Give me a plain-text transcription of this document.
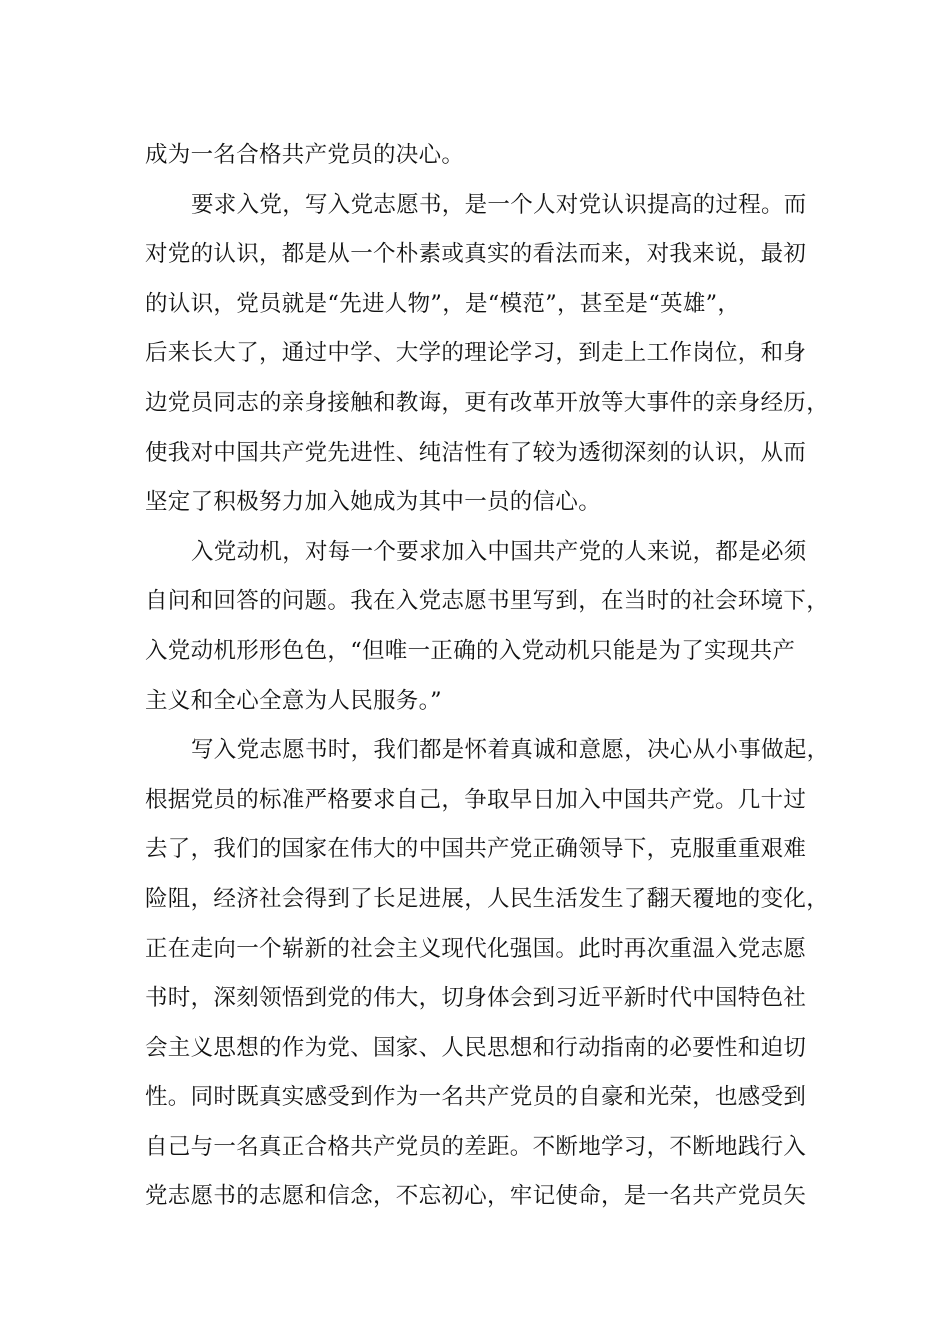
成为一名合格共产党员的决心。
要求入党，写入党志愿书，是一个人对党认识提高的过程。而
对党的认识，都是从一个朴素或真实的看法而来，对我来说，最初
的认识，党员就是“先进人物”，是“模范”，甚至是“英雄”，
后来长大了，通过中学、大学的理论学习，到走上工作岗位，和身
边党员同志的亲身接触和教诲，更有改革开放等大事件的亲身经历，
使我对中国共产党先进性、纯洁性有了较为透彻深刻的认识，从而
坚定了积极努力加入她成为其中一员的信心。
入党动机，对每一个要求加入中国共产党的人来说，都是必须
自问和回答的问题。我在入党志愿书里写到，在当时的社会环境下，
入党动机形形色色，“但唯一正确的入党动机只能是为了实现共产
主义和全心全意为人民服务。”
写入党志愿书时，我们都是怀着真诚和意愿，决心从小事做起，
根据党员的标准严格要求自己，争取早日加入中国共产党。几十过
去了，我们的国家在伟大的中国共产党正确领导下，克服重重艰难
险阻，经济社会得到了长足进展，人民生活发生了翻天覆地的变化，
正在走向一个崭新的社会主义现代化强国。此时再次重温入党志愿
书时，深刻领悟到党的伟大，切身体会到习近平新时代中国特色社
会主义思想的作为党、国家、人民思想和行动指南的必要性和迫切
性。同时既真实感受到作为一名共产党员的自豪和光荣，也感受到
自己与一名真正合格共产党员的差距。不断地学习，不断地践行入
党志愿书的志愿和信念，不忘初心，牢记使命，是一名共产党员矢
